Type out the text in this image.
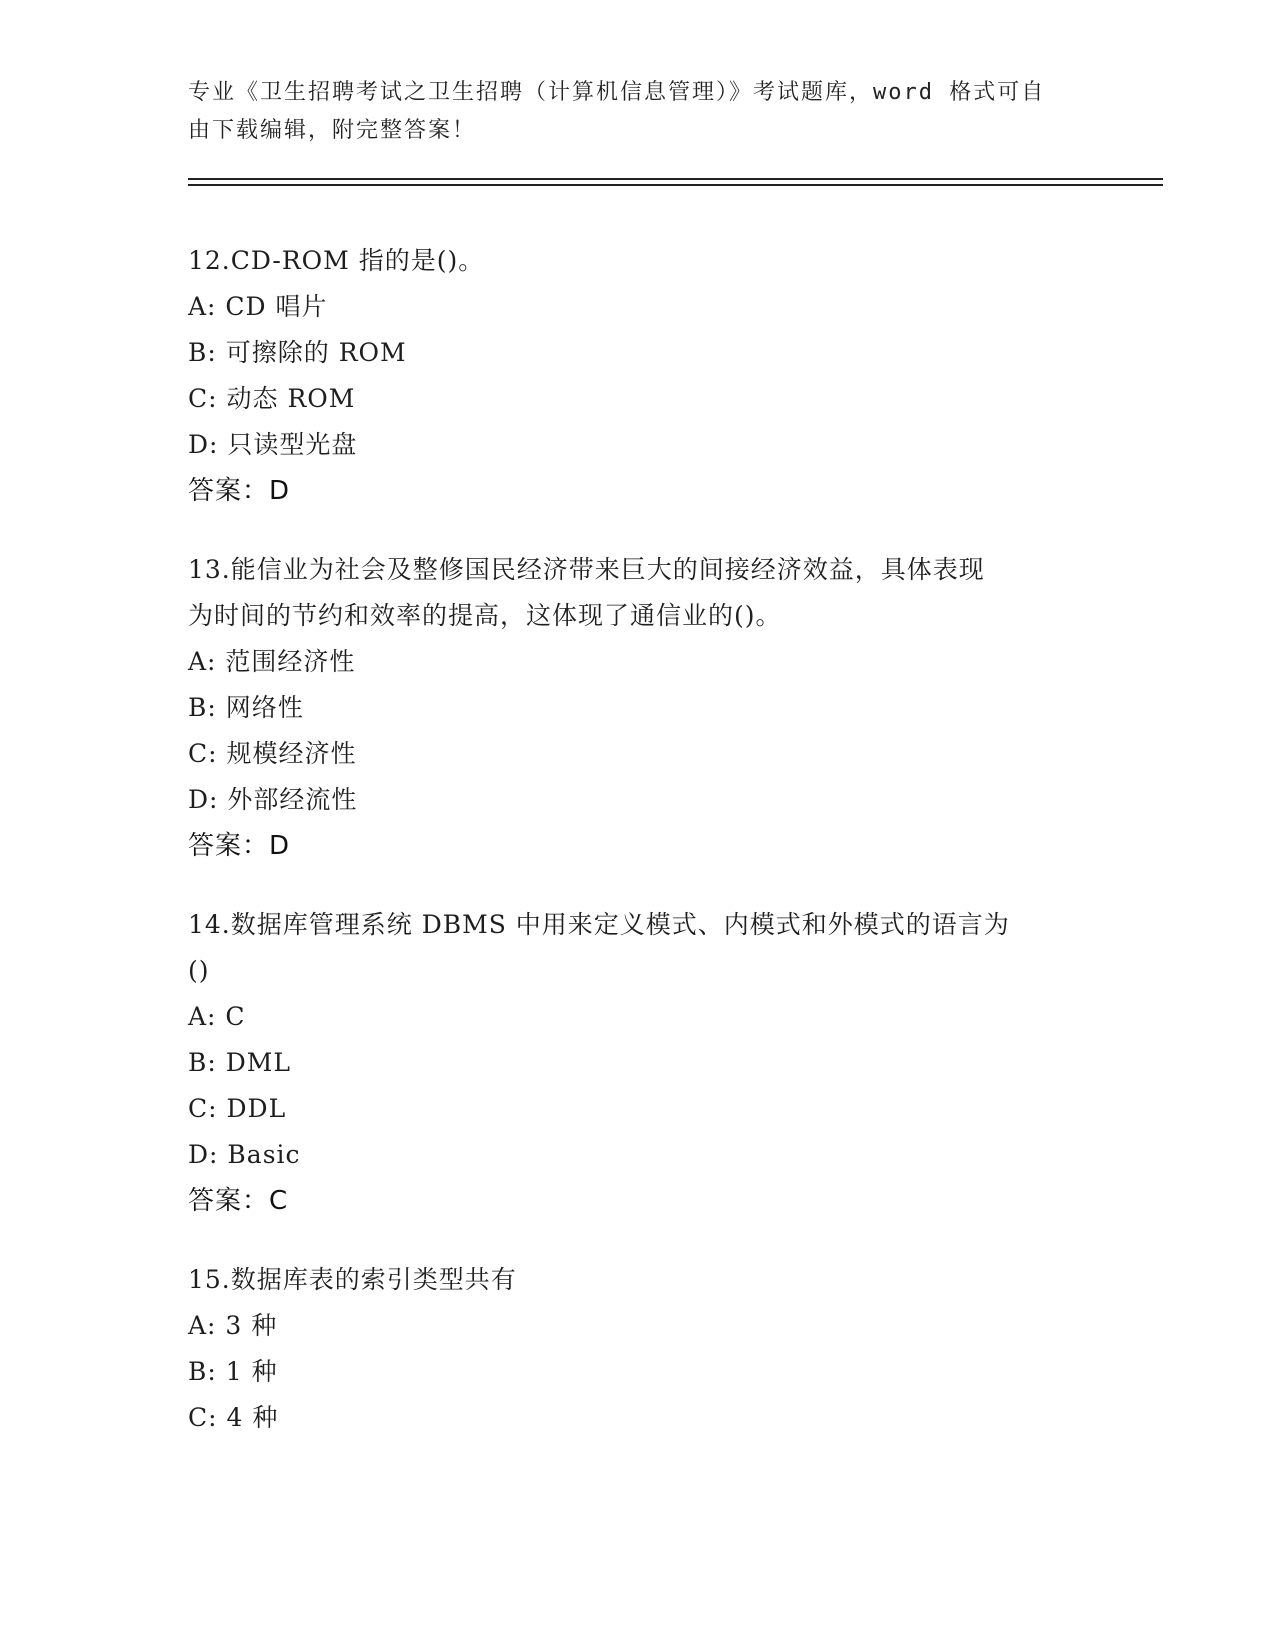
专业《卫生招聘考试之卫生招聘（计算机信息管理）》考试题库，word 格式可自
由下载编辑，附完整答案！
12.CD-ROM 指的是()。
A: CD 唱片
B: 可擦除的 ROM
C: 动态 ROM
D: 只读型光盘
答案：D
13.能信业为社会及整修国民经济带来巨大的间接经济效益，具体表现
为时间的节约和效率的提高，这体现了通信业的()。
A: 范围经济性
B: 网络性
C: 规模经济性
D: 外部经流性
答案：D
14.数据库管理系统 DBMS 中用来定义模式、内模式和外模式的语言为
()
A: C
B: DML
C: DDL
D: Basic
答案：C
15.数据库表的索引类型共有
A: 3 种
B: 1 种
C: 4 种
